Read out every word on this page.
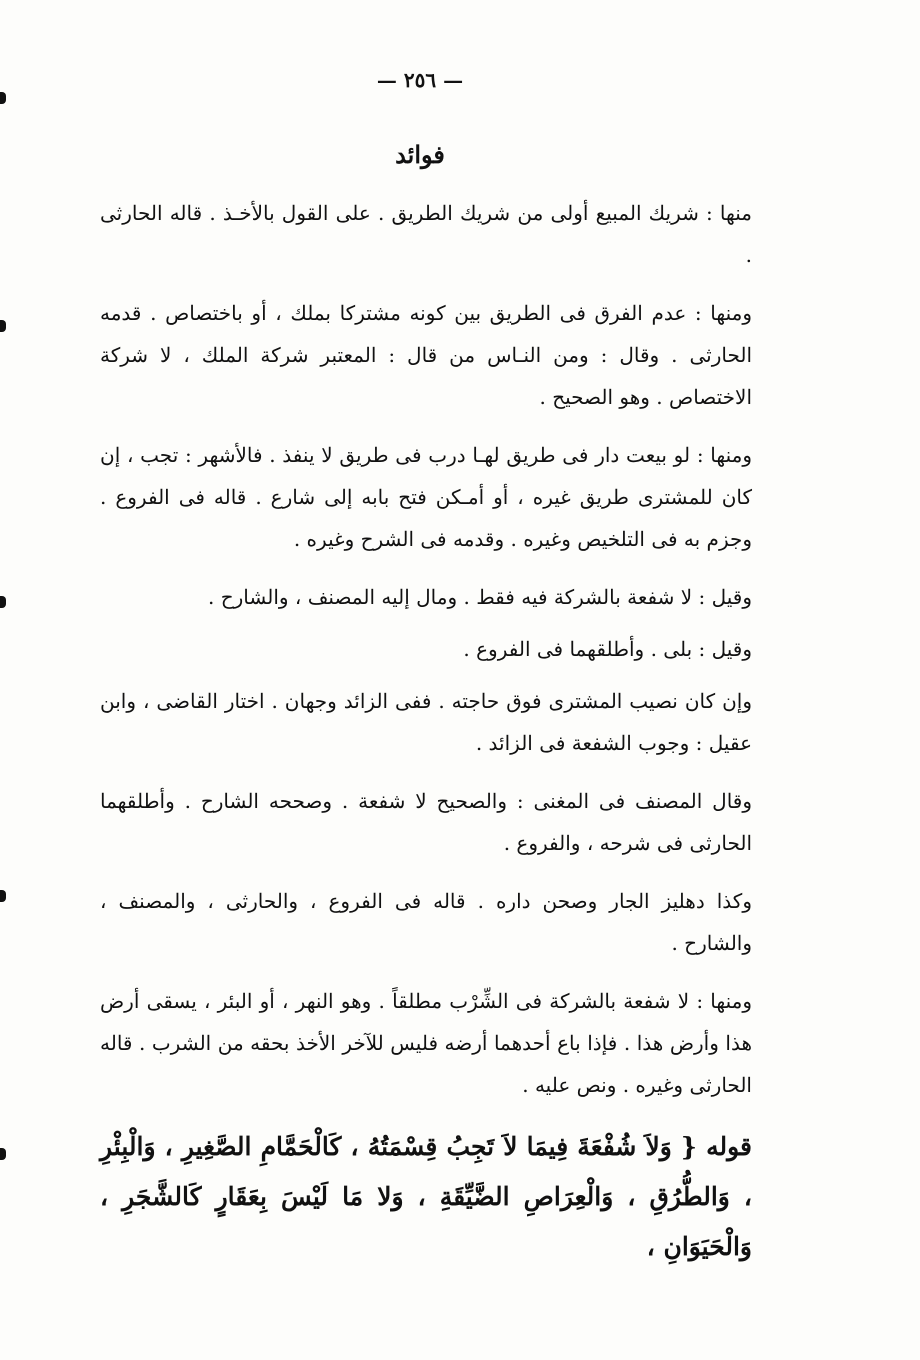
— ٢٥٦ —
فوائد

منها : شريك المبيع أولى من شريك الطريق . على القول بالأخـذ . قاله الحارثى .

ومنها : عدم الفرق فى الطريق بين كونه مشتركا بملك ، أو باختصاص . قدمه الحارثى . وقال : ومن النـاس من قال : المعتبر شركة الملك ، لا شركة الاختصاص . وهو الصحيح .

ومنها : لو بيعت دار فى طريق لهـا درب فى طريق لا ينفذ . فالأشهر : تجب ، إن كان للمشترى طريق غيره ، أو أمـكن فتح بابه إلى شارع . قاله فى الفروع . وجزم به فى التلخيص وغيره . وقدمه فى الشرح وغيره .

وقيل : لا شفعة بالشركة فيه فقط . ومال إليه المصنف ، والشارح .

وقيل : بلى . وأطلقهما فى الفروع .

وإن كان نصيب المشترى فوق حاجته . ففى الزائد وجهان . اختار القاضى ، وابن عقيل : وجوب الشفعة فى الزائد .

وقال المصنف فى المغنى : والصحيح لا شفعة . وصححه الشارح . وأطلقهما الحارثى فى شرحه ، والفروع .

وكذا دهليز الجار وصحن داره . قاله فى الفروع ، والحارثى ، والمصنف ، والشارح .

ومنها : لا شفعة بالشركة فى الشِّرْب مطلقاً . وهو النهر ، أو البئر ، يسقى أرض هذا وأرض هذا . فإذا باع أحدهما أرضه فليس للآخر الأخذ بحقه من الشرب . قاله الحارثى وغيره . ونص عليه .

قوله { وَلاَ شُفْعَةَ فِيمَا لاَ تَجِبُ قِسْمَتُهُ ، كَالْحَمَّامِ الصَّغِيرِ ، وَالْبِئْرِ ، وَالطُّرُقِ ، وَالْعِرَاصِ الضَّيِّقَةِ ، وَلا مَا لَيْسَ بِعَقَارٍ كَالشَّجَرِ ، وَالْحَيَوَانِ ،
